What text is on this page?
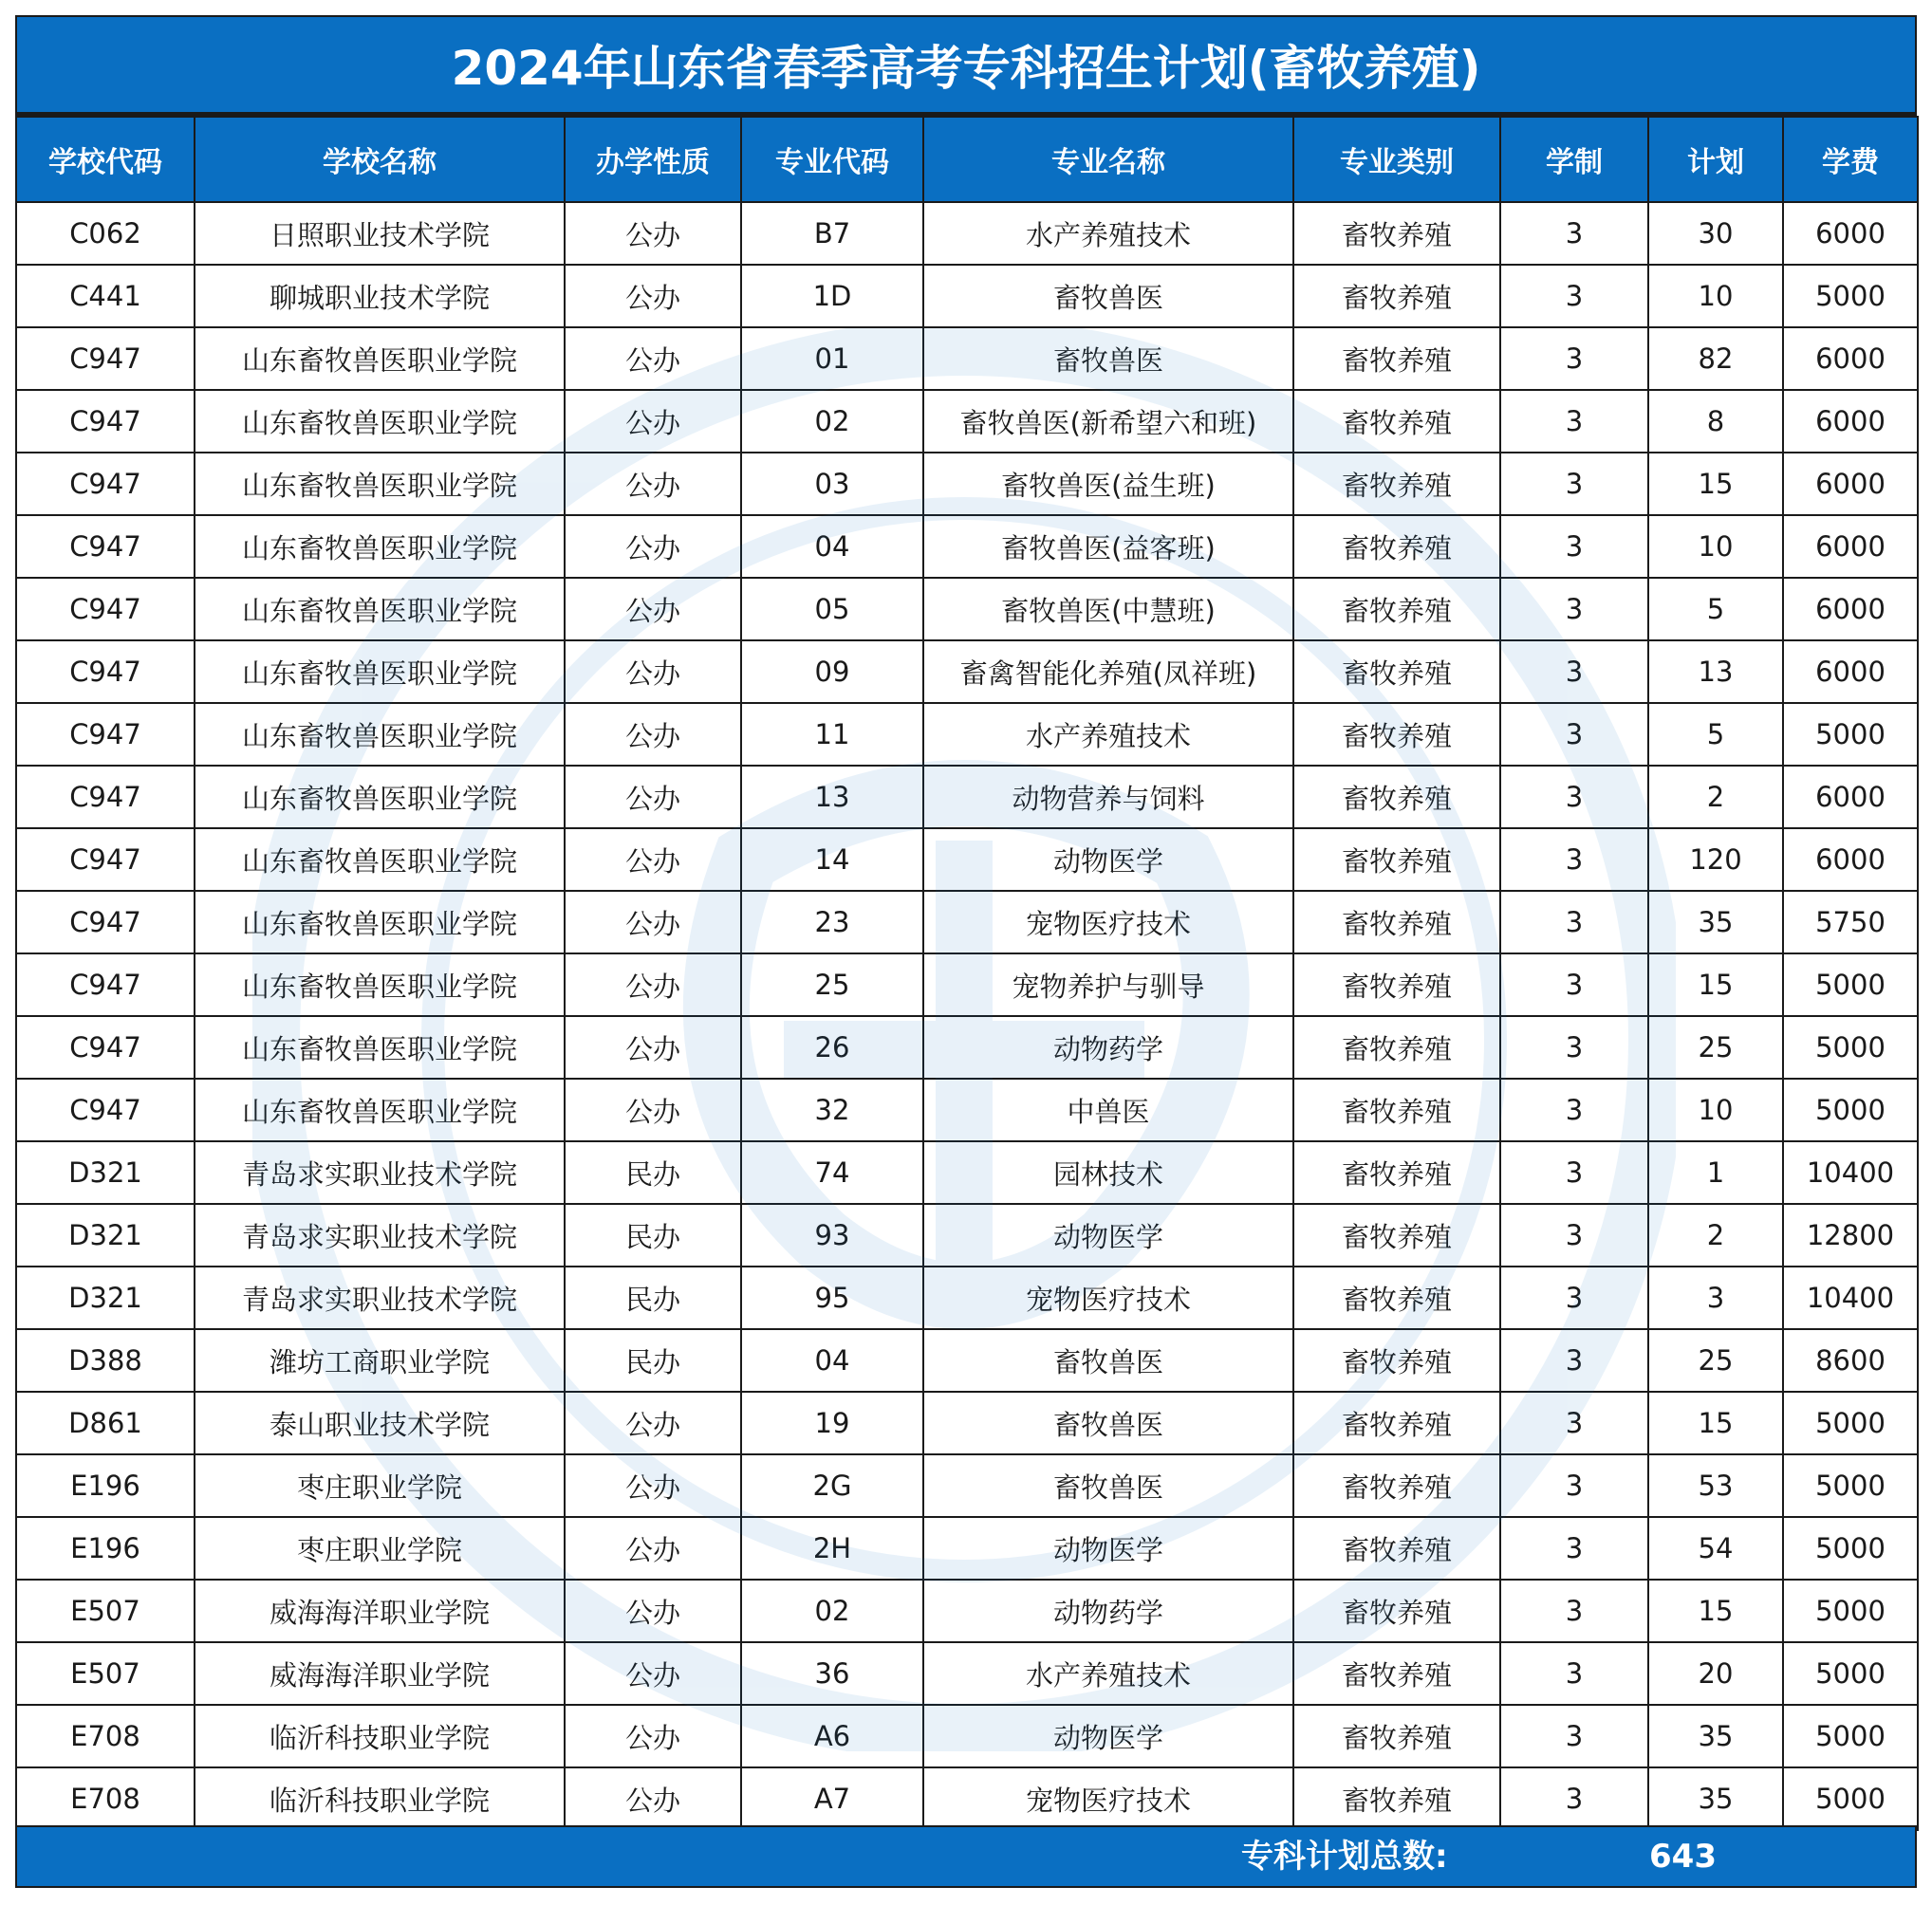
2024年山东省春季高考专科招生计划(畜牧养殖)
学校代码	学校名称	办学性质	专业代码	专业名称	专业类别	学制	计划	学费
C062	日照职业技术学院	公办	B7	水产养殖技术	畜牧养殖	3	30	6000
C441	聊城职业技术学院	公办	1D	畜牧兽医	畜牧养殖	3	10	5000
C947	山东畜牧兽医职业学院	公办	01	畜牧兽医	畜牧养殖	3	82	6000
C947	山东畜牧兽医职业学院	公办	02	畜牧兽医(新希望六和班)	畜牧养殖	3	8	6000
C947	山东畜牧兽医职业学院	公办	03	畜牧兽医(益生班)	畜牧养殖	3	15	6000
C947	山东畜牧兽医职业学院	公办	04	畜牧兽医(益客班)	畜牧养殖	3	10	6000
C947	山东畜牧兽医职业学院	公办	05	畜牧兽医(中慧班)	畜牧养殖	3	5	6000
C947	山东畜牧兽医职业学院	公办	09	畜禽智能化养殖(凤祥班)	畜牧养殖	3	13	6000
C947	山东畜牧兽医职业学院	公办	11	水产养殖技术	畜牧养殖	3	5	5000
C947	山东畜牧兽医职业学院	公办	13	动物营养与饲料	畜牧养殖	3	2	6000
C947	山东畜牧兽医职业学院	公办	14	动物医学	畜牧养殖	3	120	6000
C947	山东畜牧兽医职业学院	公办	23	宠物医疗技术	畜牧养殖	3	35	5750
C947	山东畜牧兽医职业学院	公办	25	宠物养护与驯导	畜牧养殖	3	15	5000
C947	山东畜牧兽医职业学院	公办	26	动物药学	畜牧养殖	3	25	5000
C947	山东畜牧兽医职业学院	公办	32	中兽医	畜牧养殖	3	10	5000
D321	青岛求实职业技术学院	民办	74	园林技术	畜牧养殖	3	1	10400
D321	青岛求实职业技术学院	民办	93	动物医学	畜牧养殖	3	2	12800
D321	青岛求实职业技术学院	民办	95	宠物医疗技术	畜牧养殖	3	3	10400
D388	潍坊工商职业学院	民办	04	畜牧兽医	畜牧养殖	3	25	8600
D861	泰山职业技术学院	公办	19	畜牧兽医	畜牧养殖	3	15	5000
E196	枣庄职业学院	公办	2G	畜牧兽医	畜牧养殖	3	53	5000
E196	枣庄职业学院	公办	2H	动物医学	畜牧养殖	3	54	5000
E507	威海海洋职业学院	公办	02	动物药学	畜牧养殖	3	15	5000
E507	威海海洋职业学院	公办	36	水产养殖技术	畜牧养殖	3	20	5000
E708	临沂科技职业学院	公办	A6	动物医学	畜牧养殖	3	35	5000
E708	临沂科技职业学院	公办	A7	宠物医疗技术	畜牧养殖	3	35	5000
专科计划总数:	643
